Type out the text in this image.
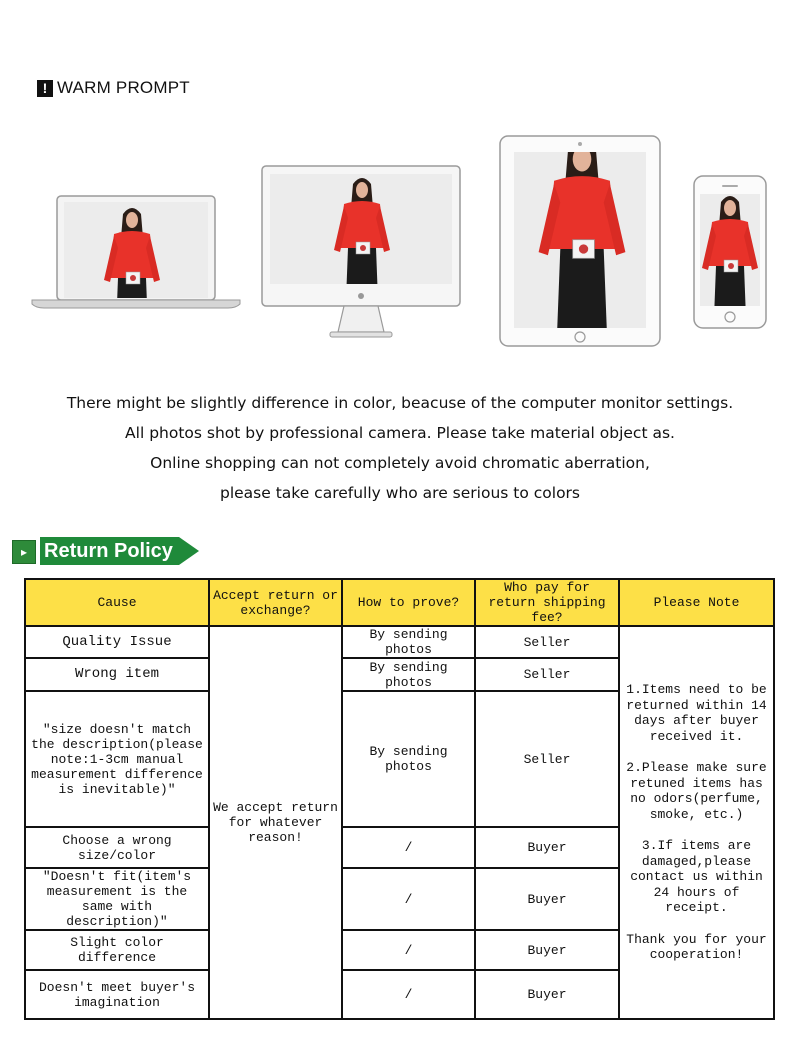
! WARM PROMPT
There might be slightly difference in color, beacuse of the computer monitor settings.
All photos shot by professional camera. Please take material object as.
Online shopping can not completely avoid chromatic aberration,
please take carefully who are serious to colors
▸ Return Policy
Cause	Accept return or exchange?	How to prove?	Who pay for return shipping fee?	Please Note
Quality Issue	We accept return for whatever reason!	By sending photos	Seller	1.Items need to be returned within 14 days after buyer received it.

2.Please make sure retuned items has no odors(perfume, smoke, etc.)

3.If items are damaged,please contact us within 24 hours of receipt.

Thank you for your cooperation!

Wrong item		By sending photos	Seller	
"size doesn't match the description(please note:1-3cm manual measurement difference is inevitable)"		By sending photos	Seller	
Choose a wrong size/color		/	Buyer	
"Doesn't fit(item's measurement is the same with description)"		/	Buyer	
Slight color difference		/	Buyer	
Doesn't meet buyer's imagination		/	Buyer	
